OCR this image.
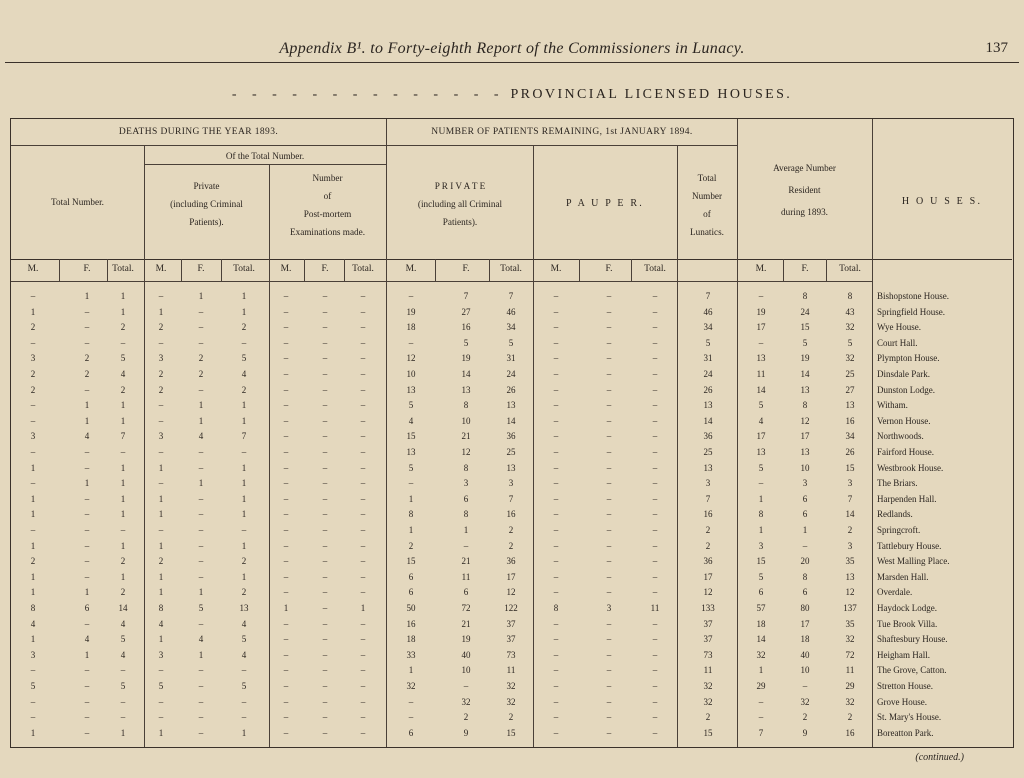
Appendix B¹. to Forty-eighth Report of the Commissioners in Lunacy.	137
- - - - - - - - - - - - - - PROVINCIAL LICENSED HOUSES.
DEATHS DURING THE YEAR 1893.	NUMBER OF PATIENTS REMAINING, 1st JANUARY 1894.
Total Number.
Of the Total Number.
Private
(including Criminal
Patients).
Number
of
Post-mortem
Examinations made.
P R I V A T E
(including all Criminal
Patients).
P A U P E R.
Total
Number
of
Lunatics.
Average Number
Resident
during 1893.
H O U S E S.
M.	F.	Total.	M.	F.	Total.	M.	F.	Total.	M.	F.	Total.	M.	F.	Total.	M.	F.	Total.
–	1	1	–	1	1	–	–	–	–	7	7	–	–	–	7	–	8	8	Bishopstone House.
1	–	1	1	–	1	–	–	–	19	27	46	–	–	–	46	19	24	43	Springfield House.
2	–	2	2	–	2	–	–	–	18	16	34	–	–	–	34	17	15	32	Wye House.
–	–	–	–	–	–	–	–	–	–	5	5	–	–	–	5	–	5	5	Court Hall.
3	2	5	3	2	5	–	–	–	12	19	31	–	–	–	31	13	19	32	Plympton House.
2	2	4	2	2	4	–	–	–	10	14	24	–	–	–	24	11	14	25	Dinsdale Park.
2	–	2	2	–	2	–	–	–	13	13	26	–	–	–	26	14	13	27	Dunston Lodge.
–	1	1	–	1	1	–	–	–	5	8	13	–	–	–	13	5	8	13	Witham.
–	1	1	–	1	1	–	–	–	4	10	14	–	–	–	14	4	12	16	Vernon House.
3	4	7	3	4	7	–	–	–	15	21	36	–	–	–	36	17	17	34	Northwoods.
–	–	–	–	–	–	–	–	–	13	12	25	–	–	–	25	13	13	26	Fairford House.
1	–	1	1	–	1	–	–	–	5	8	13	–	–	–	13	5	10	15	Westbrook House.
–	1	1	–	1	1	–	–	–	–	3	3	–	–	–	3	–	3	3	The Briars.
1	–	1	1	–	1	–	–	–	1	6	7	–	–	–	7	1	6	7	Harpenden Hall.
1	–	1	1	–	1	–	–	–	8	8	16	–	–	–	16	8	6	14	Redlands.
–	–	–	–	–	–	–	–	–	1	1	2	–	–	–	2	1	1	2	Springcroft.
1	–	1	1	–	1	–	–	–	2	–	2	–	–	–	2	3	–	3	Tattlebury House.
2	–	2	2	–	2	–	–	–	15	21	36	–	–	–	36	15	20	35	West Malling Place.
1	–	1	1	–	1	–	–	–	6	11	17	–	–	–	17	5	8	13	Marsden Hall.
1	1	2	1	1	2	–	–	–	6	6	12	–	–	–	12	6	6	12	Overdale.
8	6	14	8	5	13	1	–	1	50	72	122	8	3	11	133	57	80	137	Haydock Lodge.
4	–	4	4	–	4	–	–	–	16	21	37	–	–	–	37	18	17	35	Tue Brook Villa.
1	4	5	1	4	5	–	–	–	18	19	37	–	–	–	37	14	18	32	Shaftesbury House.
3	1	4	3	1	4	–	–	–	33	40	73	–	–	–	73	32	40	72	Heigham Hall.
–	–	–	–	–	–	–	–	–	1	10	11	–	–	–	11	1	10	11	The Grove, Catton.
5	–	5	5	–	5	–	–	–	32	–	32	–	–	–	32	29	–	29	Stretton House.
–	–	–	–	–	–	–	–	–	–	32	32	–	–	–	32	–	32	32	Grove House.
–	–	–	–	–	–	–	–	–	–	2	2	–	–	–	2	–	2	2	St. Mary's House.
1	–	1	1	–	1	–	–	–	6	9	15	–	–	–	15	7	9	16	Boreatton Park.
(continued.)
